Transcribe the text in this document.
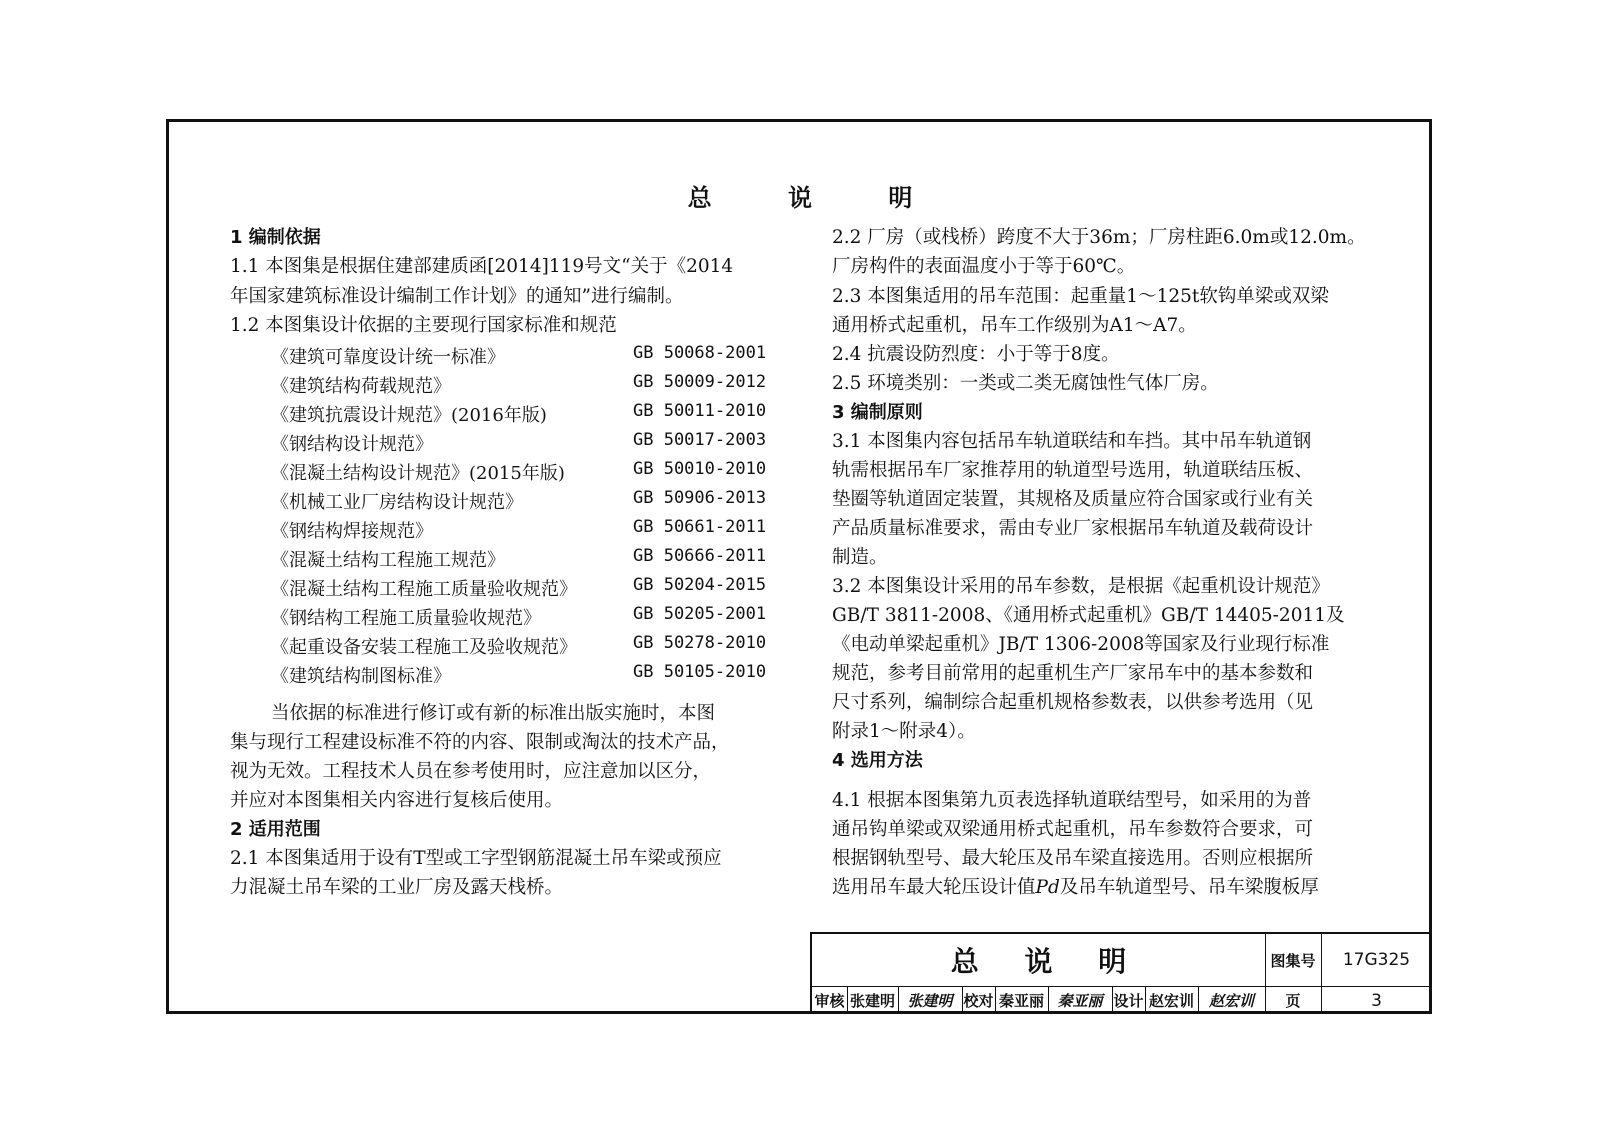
总 说 明
1 编制依据
1.1 本图集是根据住建部建质函[2014]119号文“关于《2014
年国家建筑标准设计编制工作计划》的通知”进行编制。
1.2 本图集设计依据的主要现行国家标准和规范
《建筑可靠度设计统一标准》	GB 50068-2001
《建筑结构荷载规范》	GB 50009-2012
《建筑抗震设计规范》(2016年版)	GB 50011-2010
《钢结构设计规范》	GB 50017-2003
《混凝土结构设计规范》(2015年版)	GB 50010-2010
《机械工业厂房结构设计规范》	GB 50906-2013
《钢结构焊接规范》	GB 50661-2011
《混凝土结构工程施工规范》	GB 50666-2011
《混凝土结构工程施工质量验收规范》	GB 50204-2015
《钢结构工程施工质量验收规范》	GB 50205-2001
《起重设备安装工程施工及验收规范》	GB 50278-2010
《建筑结构制图标准》	GB 50105-2010
当依据的标准进行修订或有新的标准出版实施时，本图
集与现行工程建设标准不符的内容、限制或淘汰的技术产品，
视为无效。工程技术人员在参考使用时，应注意加以区分，
并应对本图集相关内容进行复核后使用。
2 适用范围
2.1 本图集适用于设有T型或工字型钢筋混凝土吊车梁或预应
力混凝土吊车梁的工业厂房及露天栈桥。
2.2 厂房（或栈桥）跨度不大于36m；厂房柱距6.0m或12.0m。
厂房构件的表面温度小于等于60℃。
2.3 本图集适用的吊车范围：起重量1～125t软钩单梁或双梁
通用桥式起重机，吊车工作级别为A1～A7。
2.4 抗震设防烈度：小于等于8度。
2.5 环境类别：一类或二类无腐蚀性气体厂房。
3 编制原则
3.1 本图集内容包括吊车轨道联结和车挡。其中吊车轨道钢
轨需根据吊车厂家推荐用的轨道型号选用，轨道联结压板、
垫圈等轨道固定装置，其规格及质量应符合国家或行业有关
产品质量标准要求，需由专业厂家根据吊车轨道及载荷设计
制造。
3.2 本图集设计采用的吊车参数，是根据《起重机设计规范》
GB/T 3811-2008、《通用桥式起重机》GB/T 14405-2011及
《电动单梁起重机》JB/T 1306-2008等国家及行业现行标准
规范，参考目前常用的起重机生产厂家吊车中的基本参数和
尺寸系列，编制综合起重机规格参数表，以供参考选用（见
附录1～附录4）。
4 选用方法
4.1 根据本图集第九页表选择轨道联结型号，如采用的为普
通吊钩单梁或双梁通用桥式起重机，吊车参数符合要求，可
根据钢轨型号、最大轮压及吊车梁直接选用。否则应根据所
选用吊车最大轮压设计值Pd及吊车轨道型号、吊车梁腹板厚
总 说 明	图集号	17G325
审核 张建明 张建明 校对 秦亚丽 秦亚丽 设计 赵宏训 赵宏训	页	3
